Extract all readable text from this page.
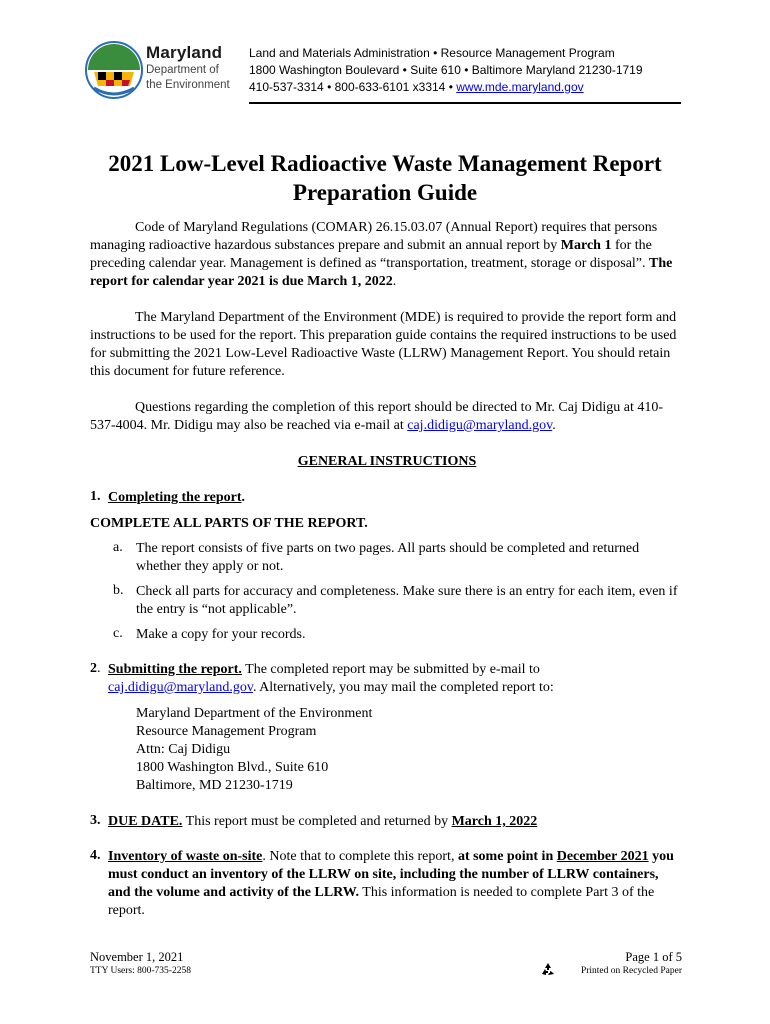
Maryland
Department of
the Environment
Land and Materials Administration • Resource Management Program
1800 Washington Boulevard • Suite 610 • Baltimore Maryland 21230-1719
410-537-3314 • 800-633-6101 x3314 • www.mde.maryland.gov
2021 Low-Level Radioactive Waste Management Report
Preparation Guide
Code of Maryland Regulations (COMAR) 26.15.03.07 (Annual Report) requires that persons managing radioactive hazardous substances prepare and submit an annual report by March 1 for the preceding calendar year. Management is defined as “transportation, treatment, storage or disposal”. The report for calendar year 2021 is due March 1, 2022.
The Maryland Department of the Environment (MDE) is required to provide the report form and instructions to be used for the report. This preparation guide contains the required instructions to be used for submitting the 2021 Low-Level Radioactive Waste (LLRW) Management Report. You should retain this document for future reference.
Questions regarding the completion of this report should be directed to Mr. Caj Didigu at 410-537-4004. Mr. Didigu may also be reached via e-mail at caj.didigu@maryland.gov.
GENERAL INSTRUCTIONS
1. Completing the report.
COMPLETE ALL PARTS OF THE REPORT.
a. The report consists of five parts on two pages. All parts should be completed and returned whether they apply or not.
b. Check all parts for accuracy and completeness. Make sure there is an entry for each item, even if the entry is “not applicable”.
c. Make a copy for your records.
2. Submitting the report. The completed report may be submitted by e-mail to caj.didigu@maryland.gov. Alternatively, you may mail the completed report to:
Maryland Department of the Environment
Resource Management Program
Attn: Caj Didigu
1800 Washington Blvd., Suite 610
Baltimore, MD 21230-1719
3. DUE DATE. This report must be completed and returned by March 1, 2022
4. Inventory of waste on-site. Note that to complete this report, at some point in December 2021 you must conduct an inventory of the LLRW on site, including the number of LLRW containers, and the volume and activity of the LLRW. This information is needed to complete Part 3 of the report.
November 1, 2021
TTY Users: 800-735-2258
Page 1 of 5
Printed on Recycled Paper
